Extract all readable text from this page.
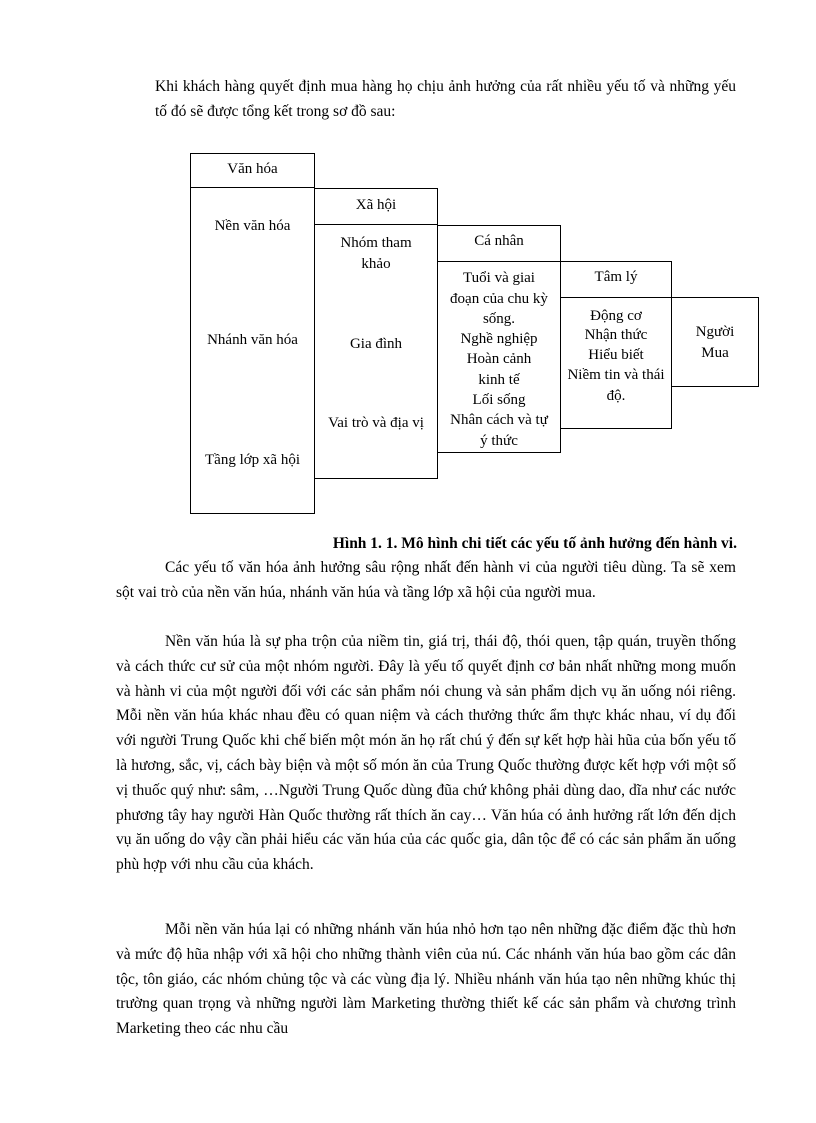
Khi khách hàng quyết định mua hàng họ chịu ảnh hưởng của rất nhiều yếu tố và những yếu tố đó sẽ được tổng kết trong sơ đồ sau:

Văn hóa
Nền văn hóa
Nhánh văn hóa
Tầng lớp xã hội
Xã hội
Nhóm tham khảo
Gia đình
Vai trò và địa vị
Cá nhân
Tuổi và giai đoạn của chu kỳ sống.
Nghề nghiệp
Hoàn cảnh kinh tế
Lối sống
Nhân cách và tự ý thức
Tâm lý
Động cơ
Nhận thức
Hiểu biết
Niềm tin và thái độ.
Người Mua

Hình 1. 1. Mô hình chi tiết các yếu tố ảnh hưởng đến hành vi.

Các yếu tố văn hóa ảnh hưởng sâu rộng nhất đến hành vi của người tiêu dùng. Ta sẽ xem sột vai trò của nền văn húa, nhánh văn húa và tầng lớp xã hội của người mua.

Nền văn húa là sự pha trộn của niềm tin, giá trị, thái độ, thói quen, tập quán, truyền thống và cách thức cư sử của một nhóm người. Đây là yếu tố quyết định cơ bản nhất những mong muốn và hành vi của một người đối với các sản phẩm nói chung và sản phẩm dịch vụ ăn uống nói riêng. Mỗi nền văn húa khác nhau đều có quan niệm và cách thưởng thức ẩm thực khác nhau, ví dụ đối với người Trung Quốc khi chế biến một món ăn họ rất chú ý đến sự kết hợp hài hũa của bốn yếu tố là hương, sắc, vị, cách bày biện và một số món ăn của Trung Quốc thường được kết hợp với một số vị thuốc quý như: sâm, …Người Trung Quốc dùng đũa chứ không phải dùng dao, dĩa như các nước phương tây hay người Hàn Quốc thường rất thích ăn cay… Văn húa có ảnh hưởng rất lớn đến dịch vụ ăn uống do vậy cần phải hiểu các văn húa của các quốc gia, dân tộc để có các sản phẩm ăn uống phù hợp với nhu cầu của khách.

Mỗi nền văn húa lại có những nhánh văn húa nhỏ hơn tạo nên những đặc điểm đặc thù hơn và mức độ hũa nhập với xã hội cho những thành viên của nú. Các nhánh văn húa bao gồm các dân tộc, tôn giáo, các nhóm chủng tộc và các vùng địa lý. Nhiều nhánh văn húa tạo nên những khúc thị trường quan trọng và những người làm Marketing thường thiết kế các sản phẩm và chương trình Marketing theo các nhu cầu
